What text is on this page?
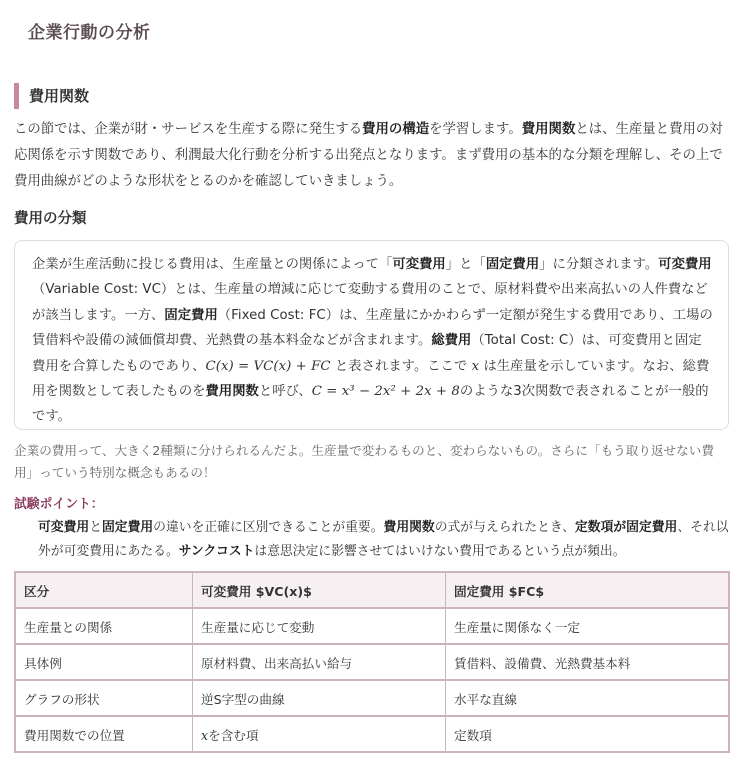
企業行動の分析
費用関数
この節では、企業が財・サービスを生産する際に発生する費用の構造を学習します。費用関数とは、生産量と費用の対応関係を示す関数であり、利潤最大化行動を分析する出発点となります。まず費用の基本的な分類を理解し、その上で費用曲線がどのような形状をとるのかを確認していきましょう。
費用の分類

企業が生産活動に投じる費用は、生産量との関係によって「可変費用」と「固定費用」に分類されます。可変費用（Variable Cost: VC）とは、生産量の増減に応じて変動する費用のことで、原材料費や出来高払いの人件費などが該当します。一方、固定費用（Fixed Cost: FC）は、生産量にかかわらず一定額が発生する費用であり、工場の賃借料や設備の減価償却費、光熱費の基本料金などが含まれます。総費用（Total Cost: C）は、可変費用と固定費用を合算したものであり、C(x) = VC(x) + FC と表されます。ここで x は生産量を示しています。なお、総費用を関数として表したものを費用関数と呼び、C = x³ − 2x² + 2x + 8のような3次関数で表されることが一般的です。

企業の費用って、大きく2種類に分けられるんだよ。生産量で変わるものと、変わらないもの。さらに「もう取り返せない費用」っていう特別な概念もあるの！
試験ポイント：
可変費用と固定費用の違いを正確に区別できることが重要。費用関数の式が与えられたとき、定数項が固定費用、それ以外が可変費用にあたる。サンクコストは意思決定に影響させてはいけない費用であるという点が頻出。
区分	可変費用 $VC(x)$	固定費用 $FC$
生産量との関係	生産量に応じて変動	生産量に関係なく一定
具体例	原材料費、出来高払い給与	賃借料、設備費、光熱費基本料
グラフの形状	逆S字型の曲線	水平な直線
費用関数での位置	xを含む項	定数項
